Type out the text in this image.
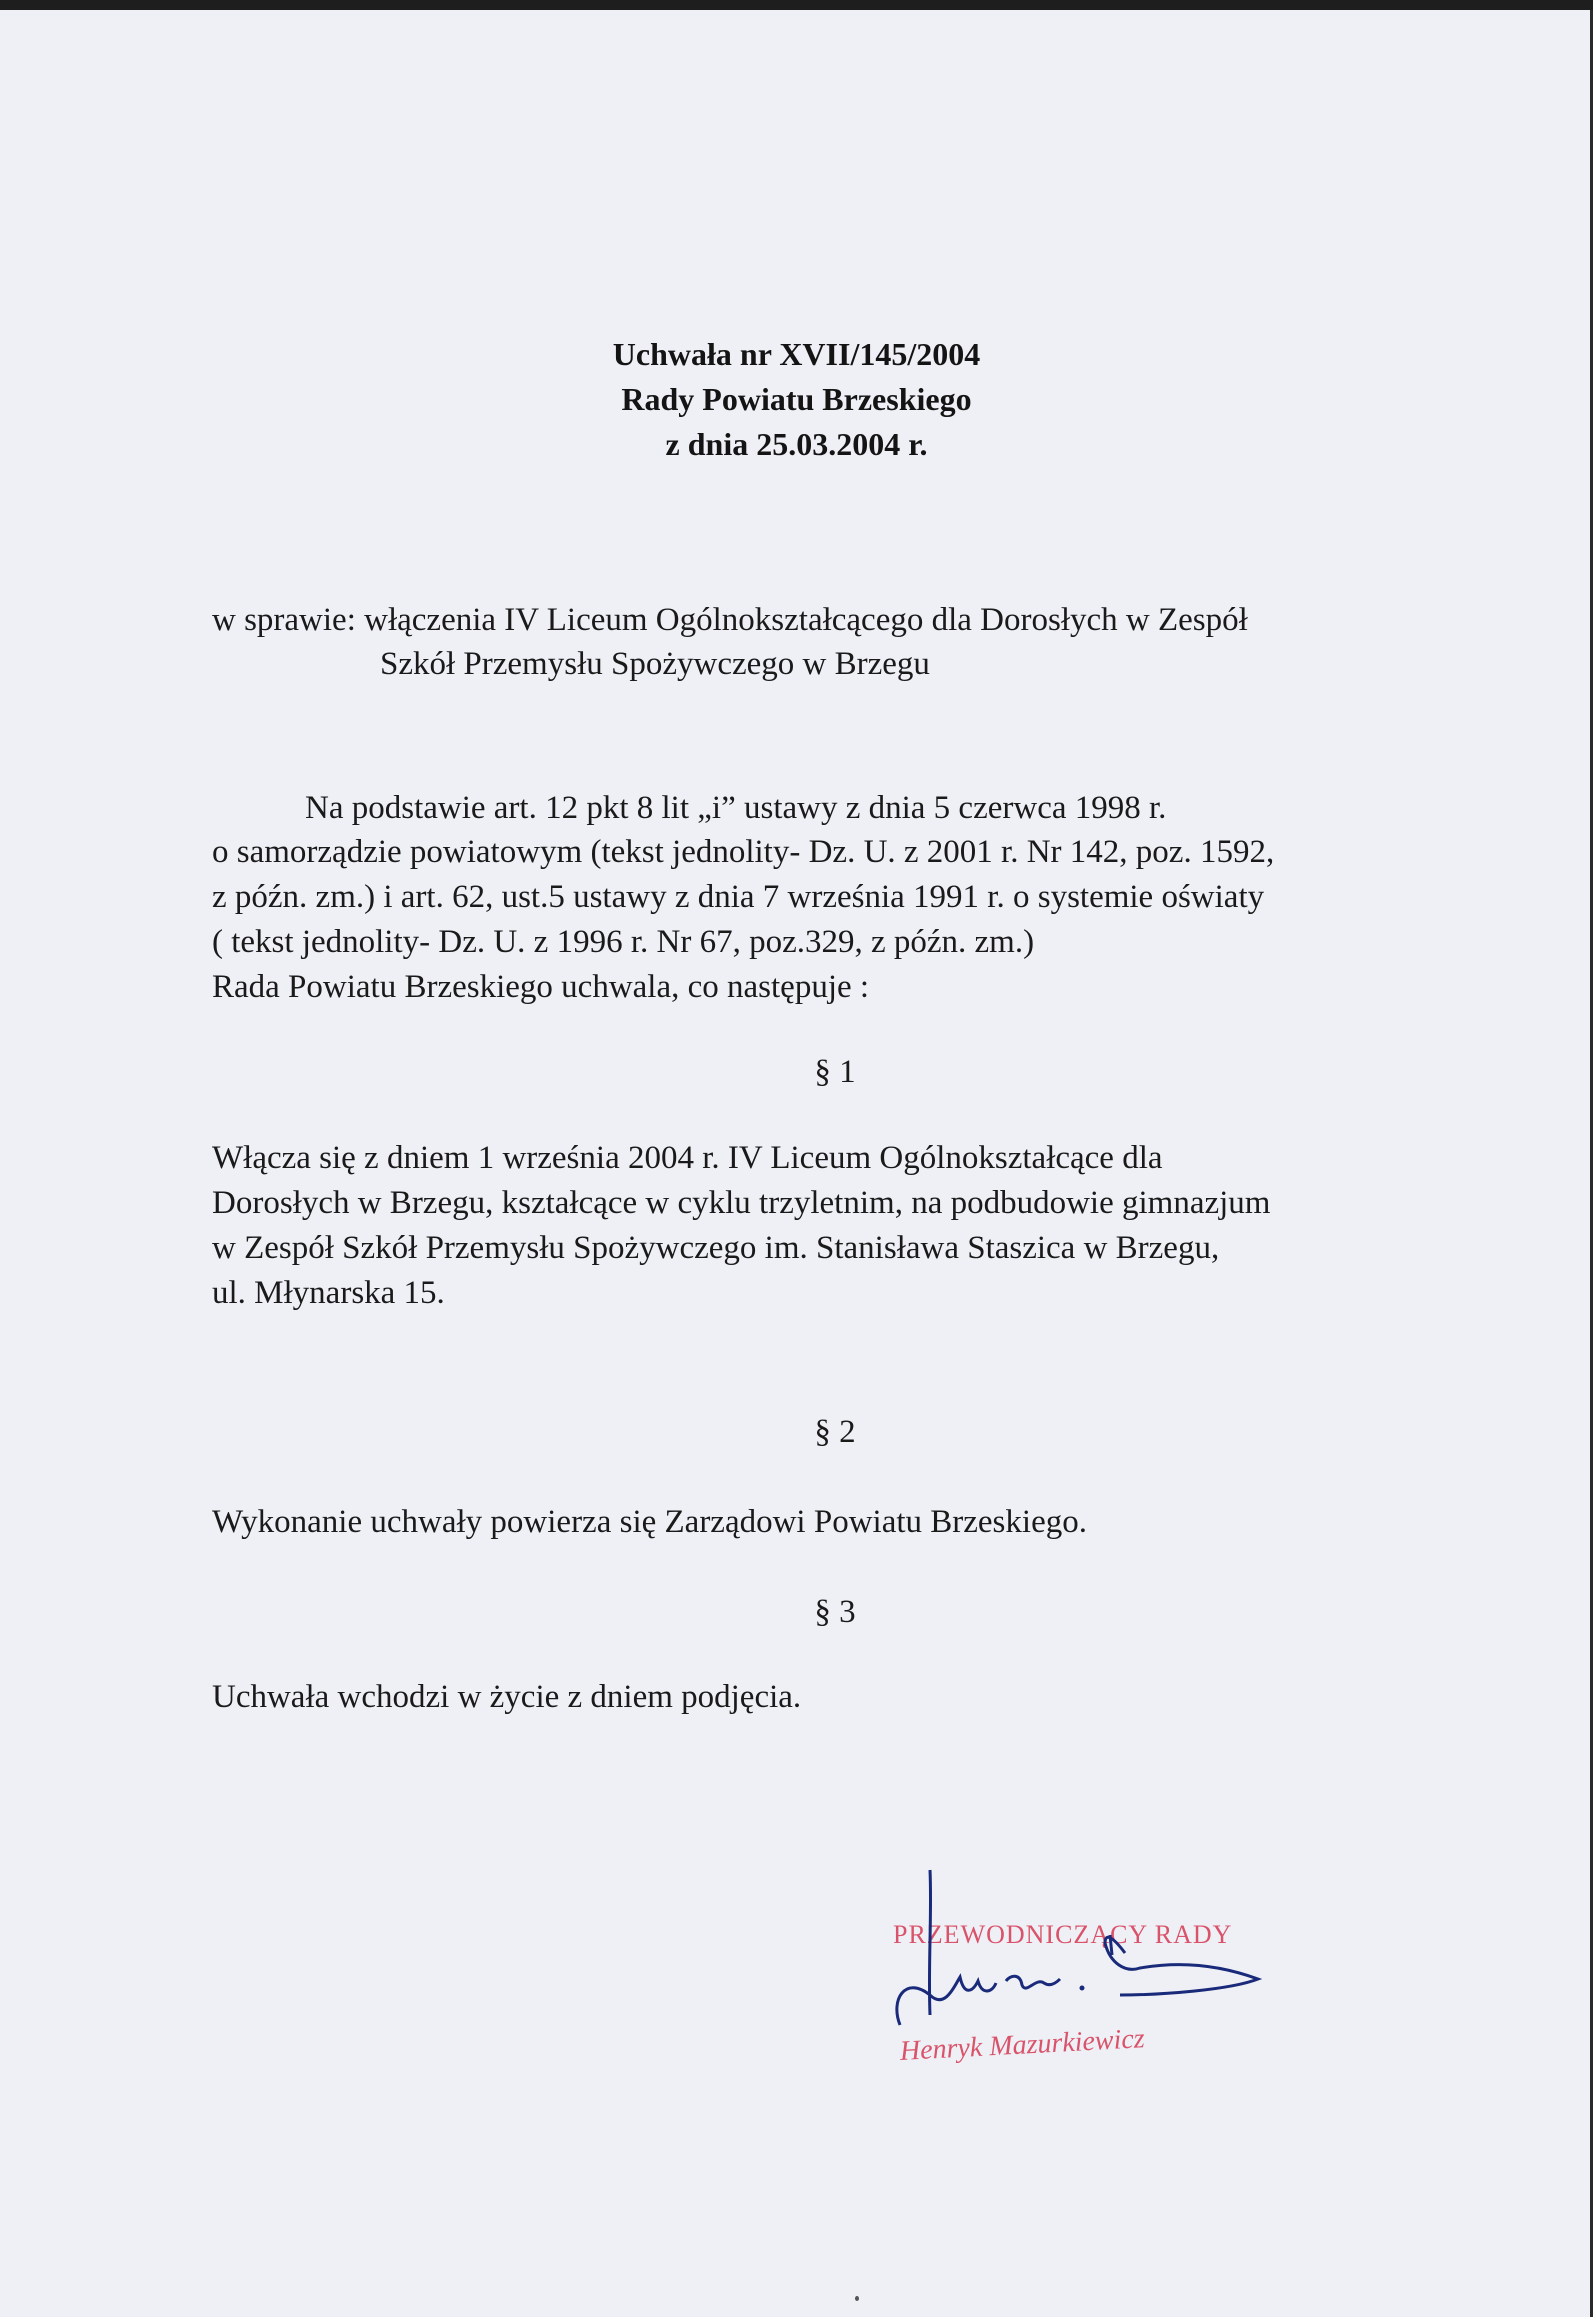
Uchwała nr XVII/145/2004
Rady Powiatu Brzeskiego
z dnia 25.03.2004 r.
w sprawie: włączenia IV Liceum Ogólnokształcącego dla Dorosłych w Zespół
Szkół Przemysłu Spożywczego w Brzegu
Na podstawie art. 12 pkt 8 lit „i” ustawy z dnia 5 czerwca 1998 r.
o samorządzie powiatowym (tekst jednolity- Dz. U. z 2001 r. Nr 142, poz. 1592,
z późn. zm.) i art. 62, ust.5 ustawy z dnia 7 września 1991 r. o systemie oświaty
( tekst jednolity- Dz. U. z 1996 r. Nr 67, poz.329, z późn. zm.)
Rada Powiatu Brzeskiego uchwala, co następuje :
§ 1
Włącza się z dniem 1 września 2004 r. IV Liceum Ogólnokształcące dla
Dorosłych w Brzegu, kształcące w cyklu trzyletnim, na podbudowie gimnazjum
w Zespół Szkół Przemysłu Spożywczego im. Stanisława Staszica w Brzegu,
ul. Młynarska 15.
§ 2
Wykonanie uchwały powierza się Zarządowi Powiatu Brzeskiego.
§ 3
Uchwała wchodzi w życie z dniem podjęcia.
PRZEWODNICZĄCY RADY
Henryk Mazurkiewicz
